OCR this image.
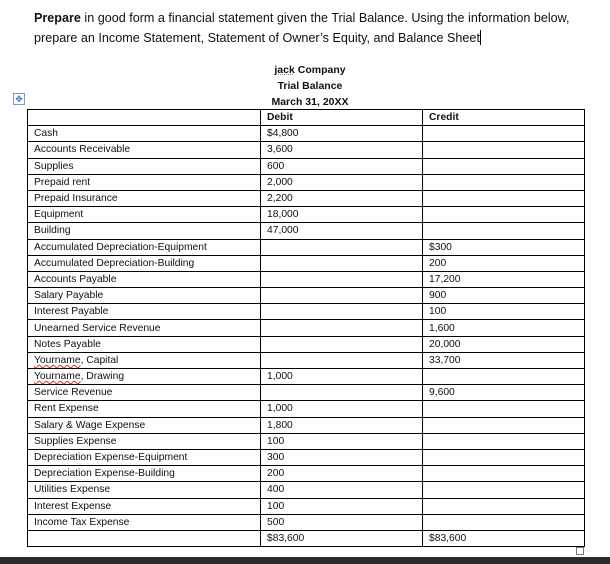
Prepare in good form a financial statement given the Trial Balance. Using the information below, prepare an Income Statement, Statement of Owner’s Equity, and Balance Sheet
jack Company
Trial Balance
March 31, 20XX
✥
	Debit	Credit
Cash	$4,800	
Accounts Receivable	3,600	
Supplies	600	
Prepaid rent	2,000	
Prepaid Insurance	2,200	
Equipment	18,000	
Building	47,000	
Accumulated Depreciation-Equipment		$300
Accumulated Depreciation-Building		200
Accounts Payable		17,200
Salary Payable		900
Interest Payable		100
Unearned Service Revenue		1,600
Notes Payable		20,000
Yourname, Capital		33,700
Yourname, Drawing	1,000	
Service Revenue		9,600
Rent Expense	1,000	
Salary & Wage Expense	1,800	
Supplies Expense	100	
Depreciation Expense-Equipment	300	
Depreciation Expense-Building	200	
Utilities Expense	400	
Interest Expense	100	
Income Tax Expense	500	
	$83,600	$83,600
